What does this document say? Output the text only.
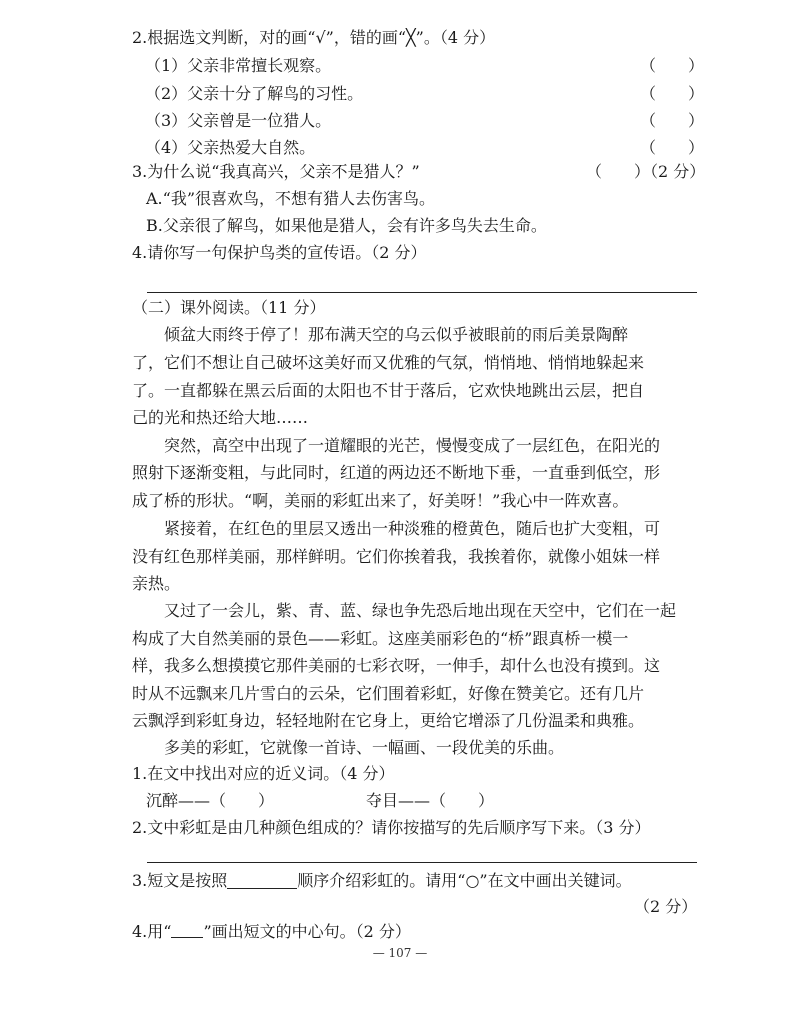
2.根据选文判断，对的画“√”，错的画“╳”。（4 分）
（1）父亲非常擅长观察。	（　　）
（2）父亲十分了解鸟的习性。	（　　）
（3）父亲曾是一位猎人。	（　　）
（4）父亲热爱大自然。	（　　）
3.为什么说“我真高兴，父亲不是猎人？”	（　　）（2 分）
A.“我”很喜欢鸟，不想有猎人去伤害鸟。
B.父亲很了解鸟，如果他是猎人，会有许多鸟失去生命。
4.请你写一句保护鸟类的宣传语。（2 分）
（二）课外阅读。（11 分）
　　倾盆大雨终于停了！那布满天空的乌云似乎被眼前的雨后美景陶醉
了，它们不想让自己破坏这美好而又优雅的气氛，悄悄地、悄悄地躲起来
了。一直都躲在黑云后面的太阳也不甘于落后，它欢快地跳出云层，把自
己的光和热还给大地……
　　突然，高空中出现了一道耀眼的光芒，慢慢变成了一层红色，在阳光的
照射下逐渐变粗，与此同时，红道的两边还不断地下垂，一直垂到低空，形
成了桥的形状。“啊，美丽的彩虹出来了，好美呀！”我心中一阵欢喜。
　　紧接着，在红色的里层又透出一种淡雅的橙黄色，随后也扩大变粗，可
没有红色那样美丽，那样鲜明。它们你挨着我，我挨着你，就像小姐妹一样
亲热。
　　又过了一会儿，紫、青、蓝、绿也争先恐后地出现在天空中，它们在一起
构成了大自然美丽的景色——彩虹。这座美丽彩色的“桥”跟真桥一模一
样，我多么想摸摸它那件美丽的七彩衣呀，一伸手，却什么也没有摸到。这
时从不远飘来几片雪白的云朵，它们围着彩虹，好像在赞美它。还有几片
云飘浮到彩虹身边，轻轻地附在它身上，更给它增添了几份温柔和典雅。
　　多美的彩虹，它就像一首诗、一幅画、一段优美的乐曲。
1.在文中找出对应的近义词。（4 分）
沉醉——（　　）	夺目——（　　）
2.文中彩虹是由几种颜色组成的？请你按描写的先后顺序写下来。（3 分）
3.短文是按照	顺序介绍彩虹的。请用“○”在文中画出关键词。
（2 分）
4.用“ ”画出短文的中心句。（2 分）
— 107 —
